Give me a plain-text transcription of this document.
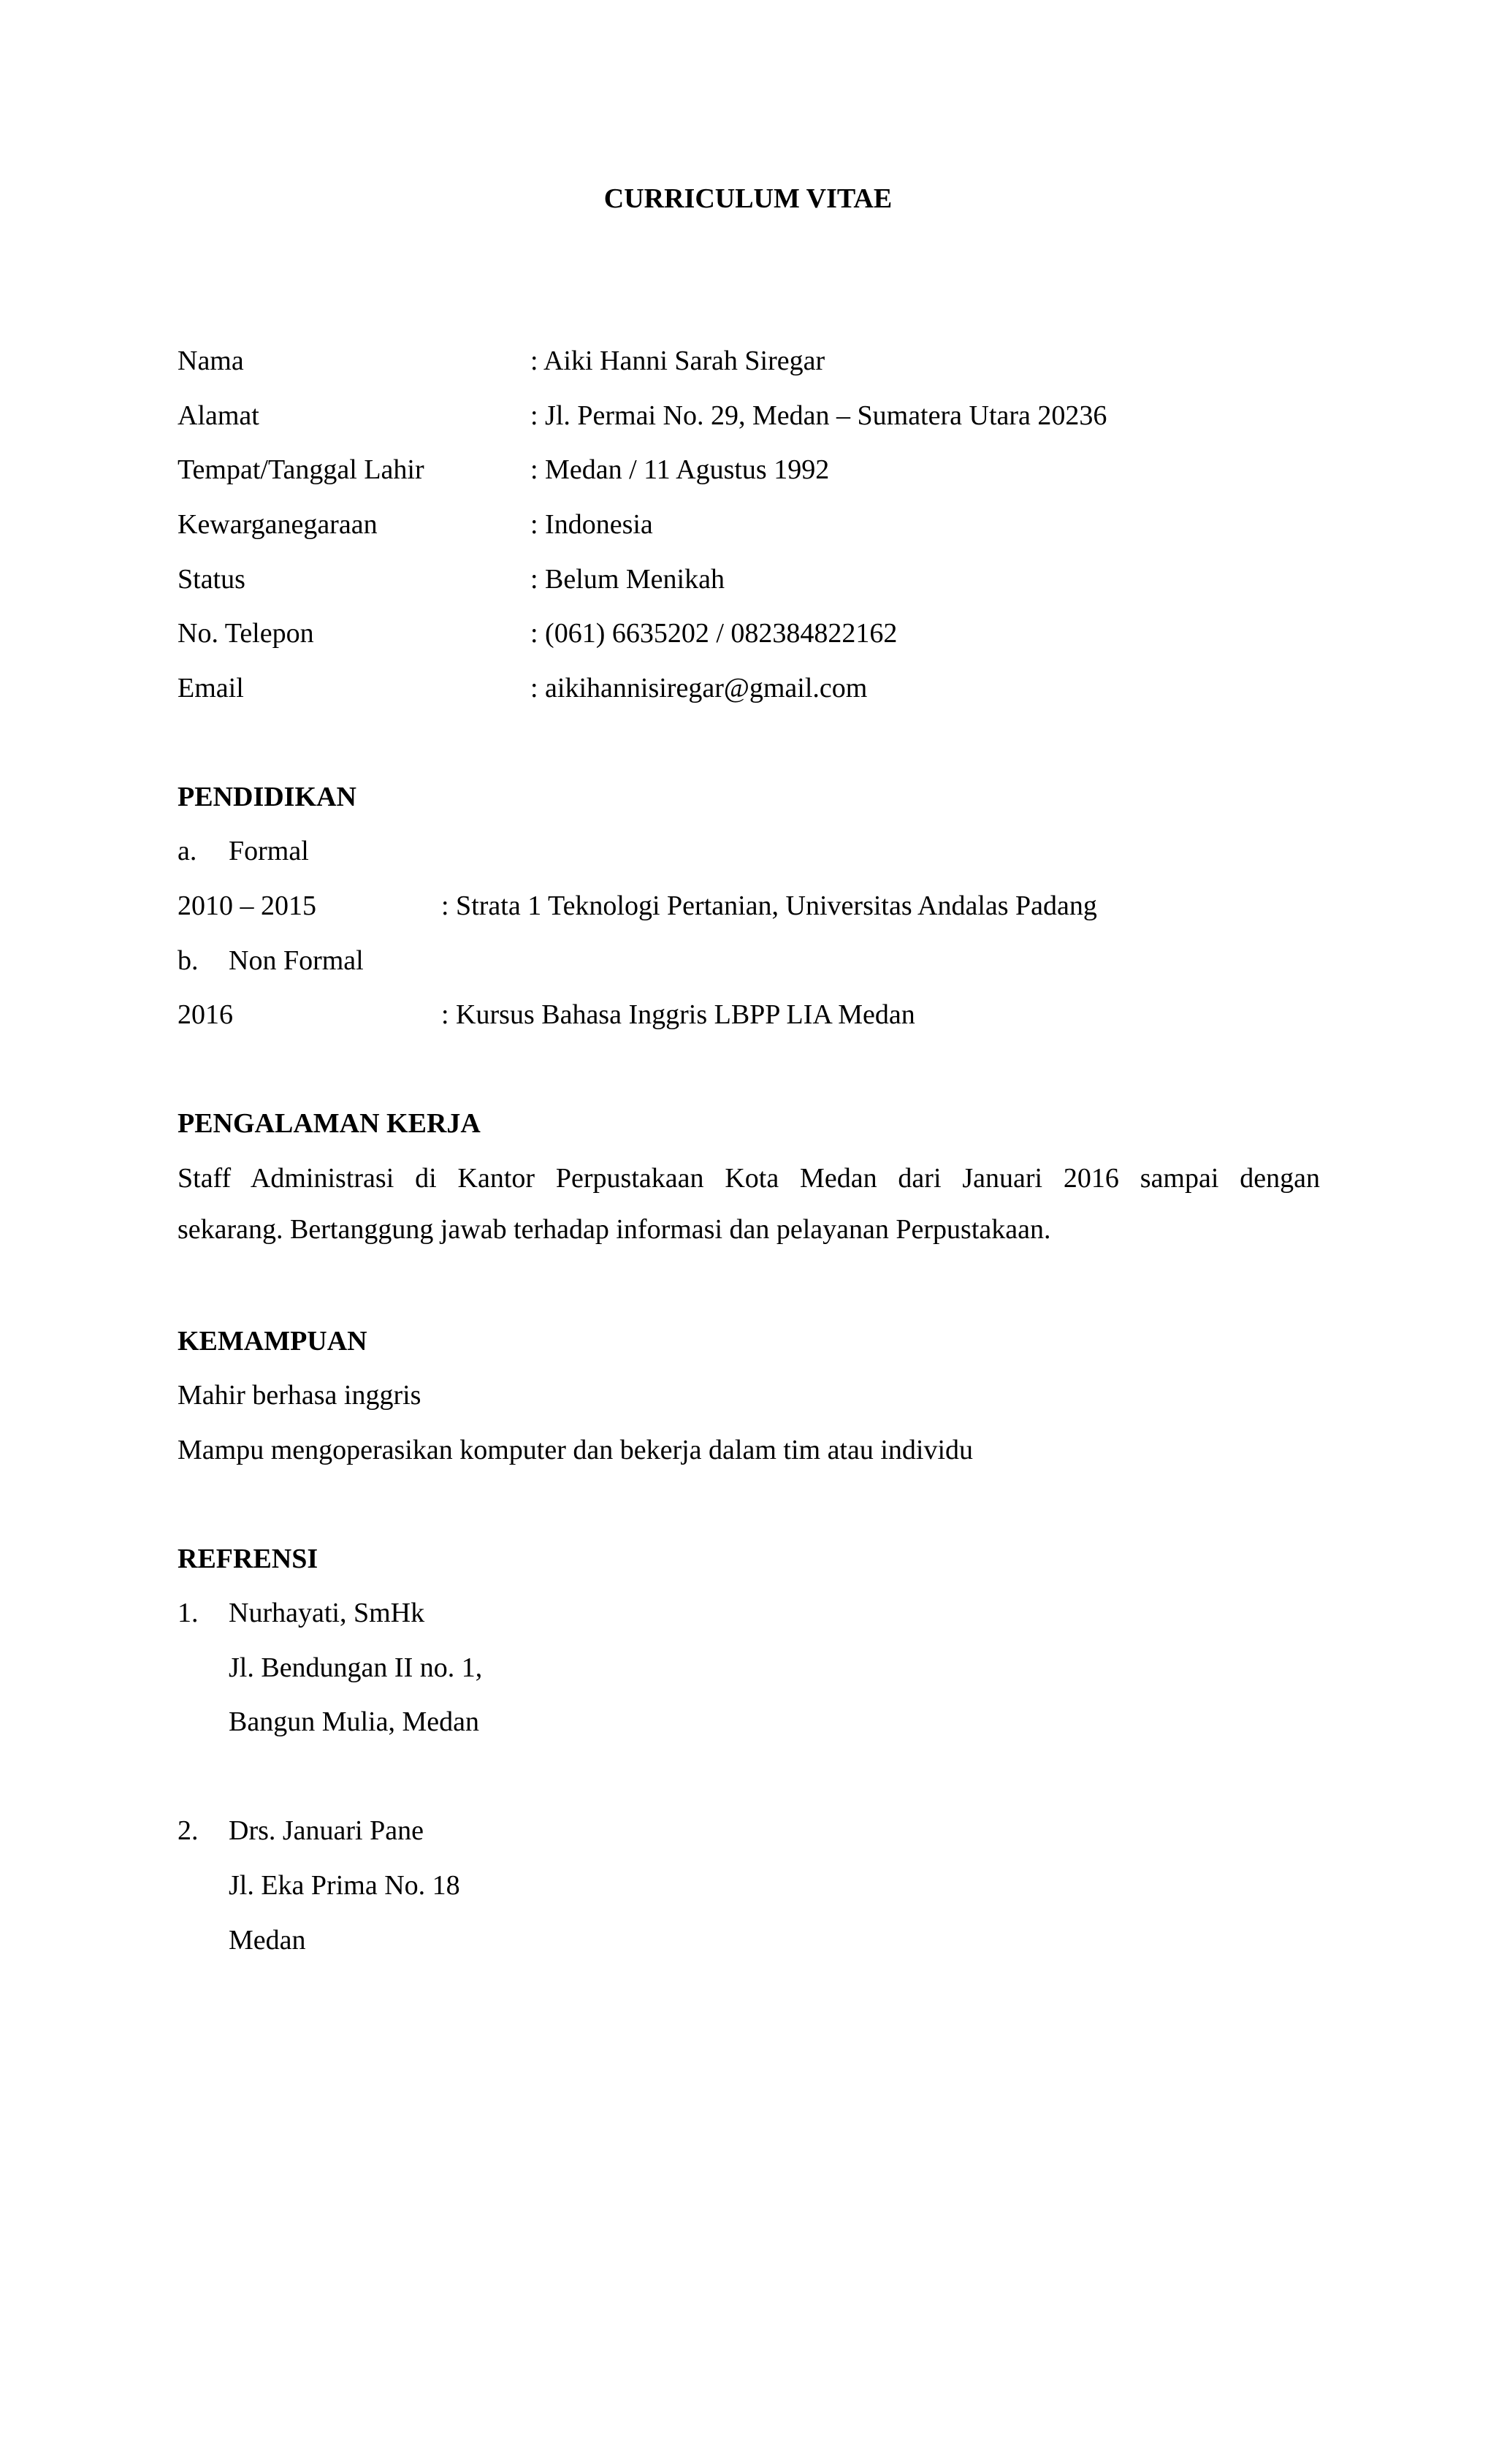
CURRICULUM VITAE
Nama	: Aiki Hanni Sarah Siregar
Alamat	: Jl. Permai No. 29, Medan – Sumatera Utara 20236
Tempat/Tanggal Lahir	: Medan / 11 Agustus 1992
Kewarganegaraan	: Indonesia
Status	: Belum Menikah
No. Telepon	: (061) 6635202 / 082384822162
Email	: aikihannisiregar@gmail.com
PENDIDIKAN
a. Formal
2010 – 2015	: Strata 1 Teknologi Pertanian, Universitas Andalas Padang
b. Non Formal
2016	: Kursus Bahasa Inggris LBPP LIA Medan
PENGALAMAN KERJA
Staff Administrasi di Kantor Perpustakaan Kota Medan dari Januari 2016 sampai dengan
sekarang. Bertanggung jawab terhadap informasi dan pelayanan Perpustakaan.
KEMAMPUAN
Mahir berhasa inggris
Mampu mengoperasikan komputer dan bekerja dalam tim atau individu
REFRENSI
1. Nurhayati, SmHk
Jl. Bendungan II no. 1,
Bangun Mulia, Medan
2. Drs. Januari Pane
Jl. Eka Prima No. 18
Medan
